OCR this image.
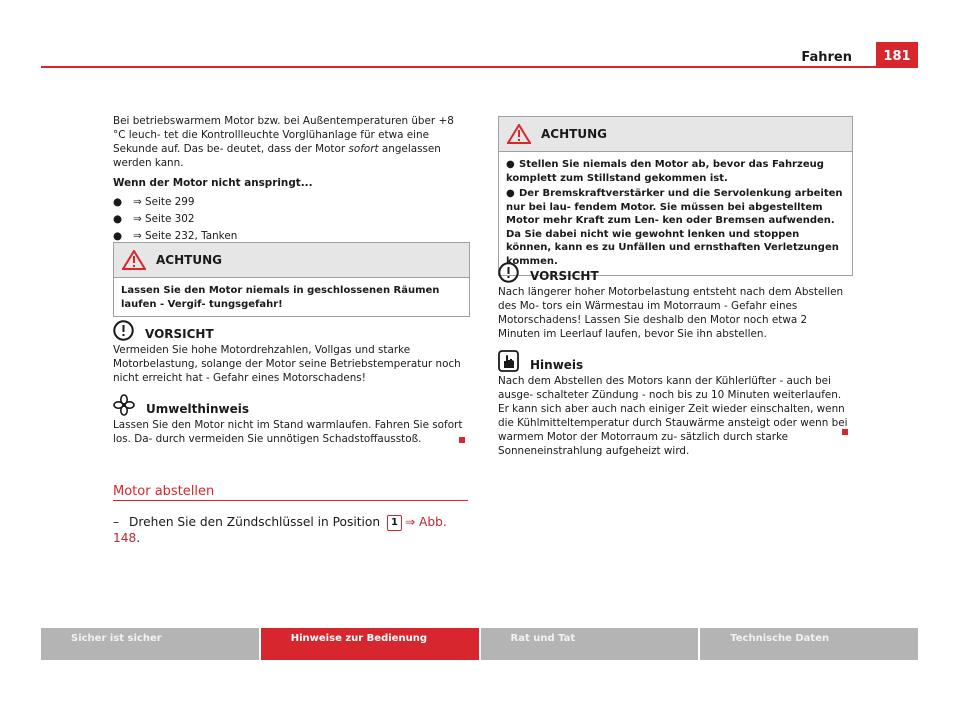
Fahren	181

Bei betriebswarmem Motor bzw. bei Außentemperaturen über +8 °C leuch- tet die Kontrollleuchte Vorglühanlage für etwa eine Sekunde auf. Das be- deutet, dass der Motor sofort angelassen werden kann.

Wenn der Motor nicht anspringt...

● ⇒ Seite 299
● ⇒ Seite 302
● ⇒ Seite 232, Tanken
ACHTUNG
Lassen Sie den Motor niemals in geschlossenen Räumen laufen - Vergif- tungsgefahr!
VORSICHT

Vermeiden Sie hohe Motordrehzahlen, Vollgas und starke Motorbelastung, solange der Motor seine Betriebstemperatur noch nicht erreicht hat - Gefahr eines Motorschadens!

Umwelthinweis

Lassen Sie den Motor nicht im Stand warmlaufen. Fahren Sie sofort los. Da- durch vermeiden Sie unnötigen Schadstoffausstoß.

Motor abstellen
– Drehen Sie den Zündschlüssel in Position 1 ⇒ Abb. 148.
ACHTUNG
● Stellen Sie niemals den Motor ab, bevor das Fahrzeug komplett zum Stillstand gekommen ist.
● Der Bremskraftverstärker und die Servolenkung arbeiten nur bei lau- fendem Motor. Sie müssen bei abgestelltem Motor mehr Kraft zum Len- ken oder Bremsen aufwenden. Da Sie dabei nicht wie gewohnt lenken und stoppen können, kann es zu Unfällen und ernsthaften Verletzungen kommen.
VORSICHT

Nach längerer hoher Motorbelastung entsteht nach dem Abstellen des Mo- tors ein Wärmestau im Motorraum - Gefahr eines Motorschadens! Lassen Sie deshalb den Motor noch etwa 2 Minuten im Leerlauf laufen, bevor Sie ihn abstellen.

Hinweis

Nach dem Abstellen des Motors kann der Kühlerlüfter - auch bei ausge- schalteter Zündung - noch bis zu 10 Minuten weiterlaufen. Er kann sich aber auch nach einiger Zeit wieder einschalten, wenn die Kühlmitteltemperatur durch Stauwärme ansteigt oder wenn bei warmem Motor der Motorraum zu- sätzlich durch starke Sonneneinstrahlung aufgeheizt wird.

Sicher ist sicher	Hinweise zur Bedienung	Rat und Tat	Technische Daten
